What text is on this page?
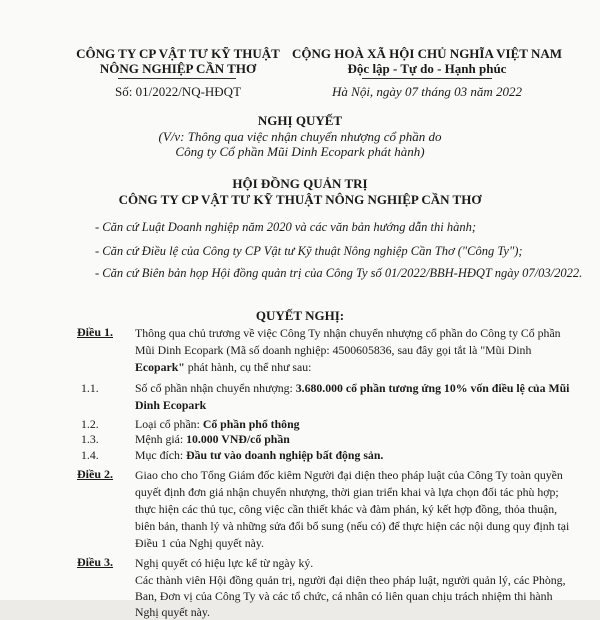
CÔNG TY CP VẬT TƯ KỸ THUẬT
NÔNG NGHIỆP CẦN THƠ
Số: 01/2022/NQ-HĐQT
CỘNG HOÀ XÃ HỘI CHỦ NGHĨA VIỆT NAM
Độc lập - Tự do - Hạnh phúc
Hà Nội, ngày 07 tháng 03 năm 2022
NGHỊ QUYẾT
(V/v: Thông qua việc nhận chuyển nhượng cổ phần do
Công ty Cổ phần Mũi Dinh Ecopark phát hành)
HỘI ĐỒNG QUẢN TRỊ
CÔNG TY CP VẬT TƯ KỸ THUẬT NÔNG NGHIỆP CẦN THƠ
- Căn cứ Luật Doanh nghiệp năm 2020 và các văn bản hướng dẫn thi hành;
- Căn cứ Điều lệ của Công ty CP Vật tư Kỹ thuật Nông nghiệp Cần Thơ ("Công Ty");
- Căn cứ Biên bản họp Hội đồng quản trị của Công Ty số 01/2022/BBH-HĐQT ngày 07/03/2022.
QUYẾT NGHỊ:
Điều 1. Thông qua chủ trương về việc Công Ty nhận chuyển nhượng cổ phần do Công ty Cổ phần
Mũi Dinh Ecopark (Mã số doanh nghiệp: 4500605836, sau đây gọi tắt là "Mũi Dinh
Ecopark" phát hành, cụ thể như sau:
1.1.	Số cổ phần nhận chuyển nhượng: 3.680.000 cổ phần tương ứng 10% vốn điều lệ của Mũi
Dinh Ecopark
1.2.	Loại cổ phần: Cổ phần phổ thông
1.3.	Mệnh giá: 10.000 VNĐ/cổ phần
1.4.	Mục đích: Đầu tư vào doanh nghiệp bất động sản.
Điều 2. Giao cho cho Tổng Giám đốc kiêm Người đại diện theo pháp luật của Công Ty toàn quyền
quyết định đơn giá nhận chuyển nhượng, thời gian triển khai và lựa chọn đối tác phù hợp;
thực hiện các thủ tục, công việc cần thiết khác và đàm phán, ký kết hợp đồng, thỏa thuận,
biên bản, thanh lý và những sửa đổi bổ sung (nếu có) để thực hiện các nội dung quy định tại
Điều 1 của Nghị quyết này.
Điều 3. Nghị quyết có hiệu lực kể từ ngày ký.
Các thành viên Hội đồng quản trị, người đại diện theo pháp luật, người quản lý, các Phòng,
Ban, Đơn vị của Công Ty và các tổ chức, cá nhân có liên quan chịu trách nhiệm thi hành
Nghị quyết này.
